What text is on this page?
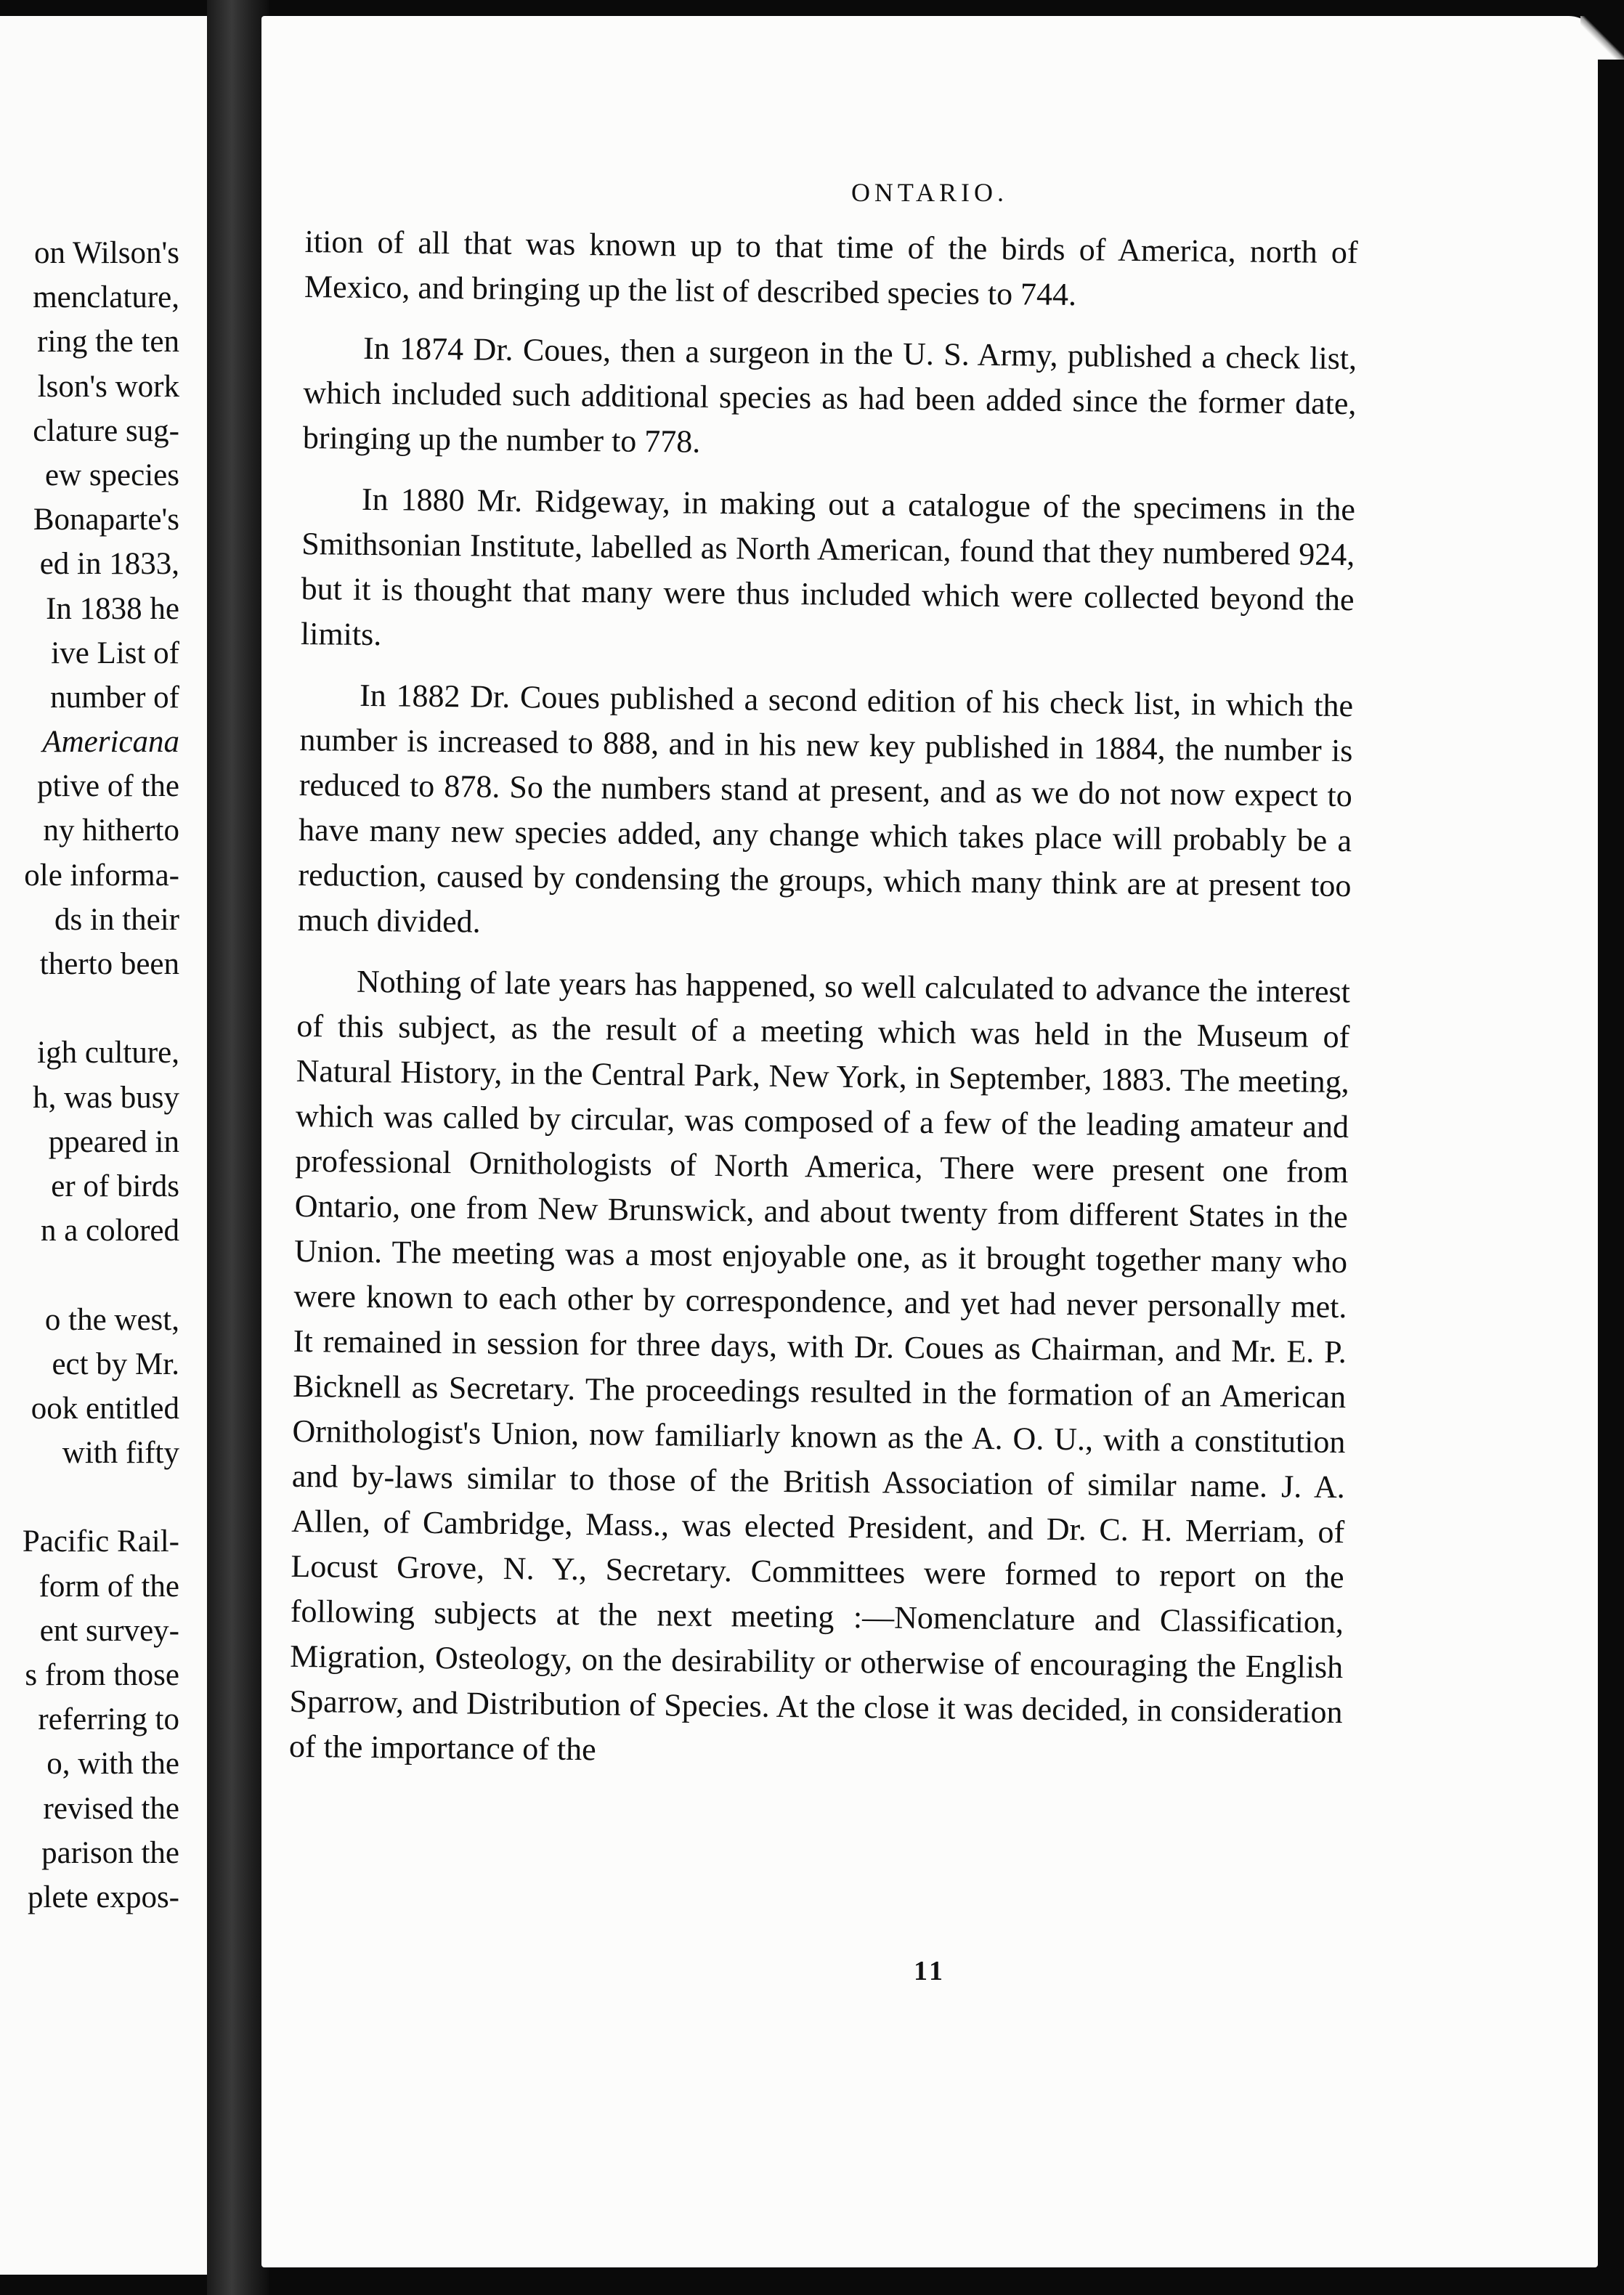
on Wilson's
menclature,
ring the ten
lson's work
clature sug-
ew species
Bonaparte's
ed in 1833,
In 1838 he
ive List of
number of
Americana
ptive of the
ny hitherto
ole informa-
ds in their
therto been

igh culture,
h, was busy
ppeared in
er of birds
n a colored

o the west,
ect by Mr.
ook entitled
with fifty

Pacific Rail-
form of the
ent survey-
s from those
referring to
o, with the
revised the
parison the
plete expos-
ONTARIO.

ition of all that was known up to that time of the birds of America, north of Mexico, and bringing up the list of described species to 744.

In 1874 Dr. Coues, then a surgeon in the U. S. Army, published a check list, which included such additional species as had been added since the former date, bringing up the number to 778.

In 1880 Mr. Ridgeway, in making out a catalogue of the specimens in the Smithsonian Institute, labelled as North American, found that they numbered 924, but it is thought that many were thus included which were collected beyond the limits.

In 1882 Dr. Coues published a second edition of his check list, in which the number is increased to 888, and in his new key published in 1884, the number is reduced to 878. So the numbers stand at present, and as we do not now expect to have many new species added, any change which takes place will probably be a reduction, caused by condensing the groups, which many think are at present too much divided.

Nothing of late years has happened, so well calculated to advance the interest of this subject, as the result of a meeting which was held in the Museum of Natural History, in the Central Park, New York, in September, 1883. The meeting, which was called by circular, was composed of a few of the leading amateur and professional Ornithologists of North America, There were present one from Ontario, one from New Brunswick, and about twenty from different States in the Union. The meeting was a most enjoyable one, as it brought together many who were known to each other by correspondence, and yet had never personally met. It remained in session for three days, with Dr. Coues as Chairman, and Mr. E. P. Bicknell as Secretary. The proceedings resulted in the formation of an American Ornithologist's Union, now familiarly known as the A. O. U., with a constitution and by-laws similar to those of the British Association of similar name. J. A. Allen, of Cambridge, Mass., was elected President, and Dr. C. H. Merriam, of Locust Grove, N. Y., Secretary. Committees were formed to report on the following subjects at the next meeting :—Nomenclature and Classification, Migration, Osteology, on the desirability or otherwise of encouraging the English Sparrow, and Distribution of Species. At the close it was decided, in consideration of the importance of the

11
